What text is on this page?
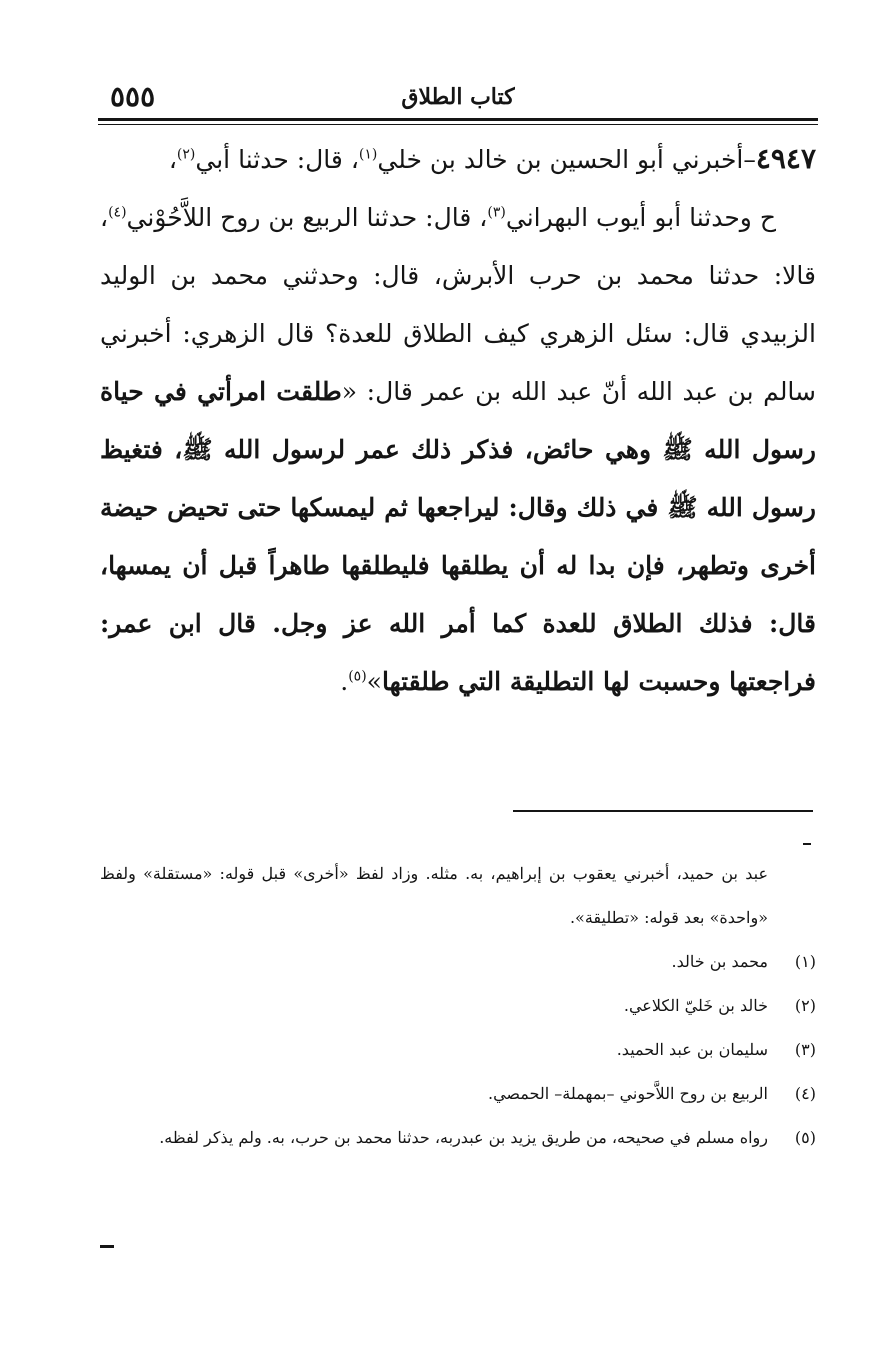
كتاب الطلاق
٥٥٥

٤٩٤٧–أخبرني أبو الحسين بن خالد بن خلي$^{(١)}$، قال: حدثنا أبي$^{(٢)}$،

ح وحدثنا أبو أيوب البهراني$^{(٣)}$، قال: حدثنا الربيع بن روح اللاَّحُوْني$^{(٤)}$، قالا: حدثنا محمد بن حرب الأبرش، قال: وحدثني محمد بن الوليد الزبيدي قال: سئل الزهري كيف الطلاق للعدة؟ قال الزهري: أخبرني سالم بن عبد الله أنّ عبد الله بن عمر قال: «طلقت امرأتي في حياة رسول الله ﷺ وهي حائض، فذكر ذلك عمر لرسول الله ﷺ، فتغيظ رسول الله ﷺ في ذلك وقال: ليراجعها ثم ليمسكها حتى تحيض حيضة أخرى وتطهر، فإن بدا له أن يطلقها فليطلقها طاهراً قبل أن يمسها، قال: فذلك الطلاق للعدة كما أمر الله عز وجل. قال ابن عمر: فراجعتها وحسبت لها التطليقة التي طلقتها»$^{(٥)}$.

عبد بن حميد، أخبرني يعقوب بن إبراهيم، به. مثله. وزاد لفظ «أخرى» قبل قوله: «مستقلة» ولفظ «واحدة» بعد قوله: «تطليقة».

(١)محمد بن خالد.

(٢)خالد بن خَليّ الكلاعي.

(٣)سليمان بن عبد الحميد.

(٤)الربيع بن روح اللاَّحوني –بمهملة– الحمصي.

(٥)رواه مسلم في صحيحه، من طريق يزيد بن عبدربه، حدثنا محمد بن حرب، به. ولم يذكر لفظه.
